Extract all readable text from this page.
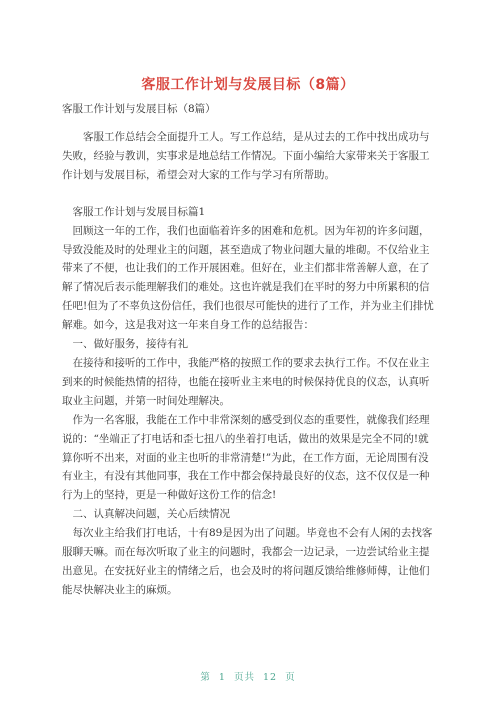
客服工作计划与发展目标（8篇）
客服工作计划与发展目标（8篇）

客服工作总结会全面提升工人。写工作总结，是从过去的工作中找出成功与失败，经验与教训，实事求是地总结工作情况。下面小编给大家带来关于客服工作计划与发展目标，希望会对大家的工作与学习有所帮助。

客服工作计划与发展目标篇1

回顾这一年的工作，我们也面临着许多的困难和危机。因为年初的许多问题，导致没能及时的处理业主的问题，甚至造成了物业问题大量的堆砌。不仅给业主带来了不便，也让我们的工作开展困难。但好在，业主们都非常善解人意，在了解了情况后表示能理解我们的难处。这也许就是我们在平时的努力中所累积的信任吧!但为了不辜负这份信任，我们也很尽可能快的进行了工作，并为业主们排忧解难。如今，这是我对这一年来自身工作的总结报告：

一、做好服务，接待有礼

在接待和接听的工作中，我能严格的按照工作的要求去执行工作。不仅在业主到来的时候能热情的招待，也能在接听业主来电的时候保持优良的仪态，认真听取业主问题，并第一时间处理解决。

作为一名客服，我能在工作中非常深刻的感受到仪态的重要性，就像我们经理说的：“坐端正了打电话和歪七扭八的坐着打电话，做出的效果是完全不同的!就算你听不出来，对面的业主也听的非常清楚!”为此，在工作方面，无论周围有没有业主，有没有其他同事，我在工作中都会保持最良好的仪态，这不仅仅是一种行为上的坚持，更是一种做好这份工作的信念!

二、认真解决问题，关心后续情况

每次业主给我们打电话，十有89是因为出了问题。毕竟也不会有人闲的去找客服聊天嘛。而在每次听取了业主的问题时，我都会一边记录，一边尝试给业主提出意见。在安抚好业主的情绪之后，也会及时的将问题反馈给维修师傅，让他们能尽快解决业主的麻烦。

第 1 页共 12 页
